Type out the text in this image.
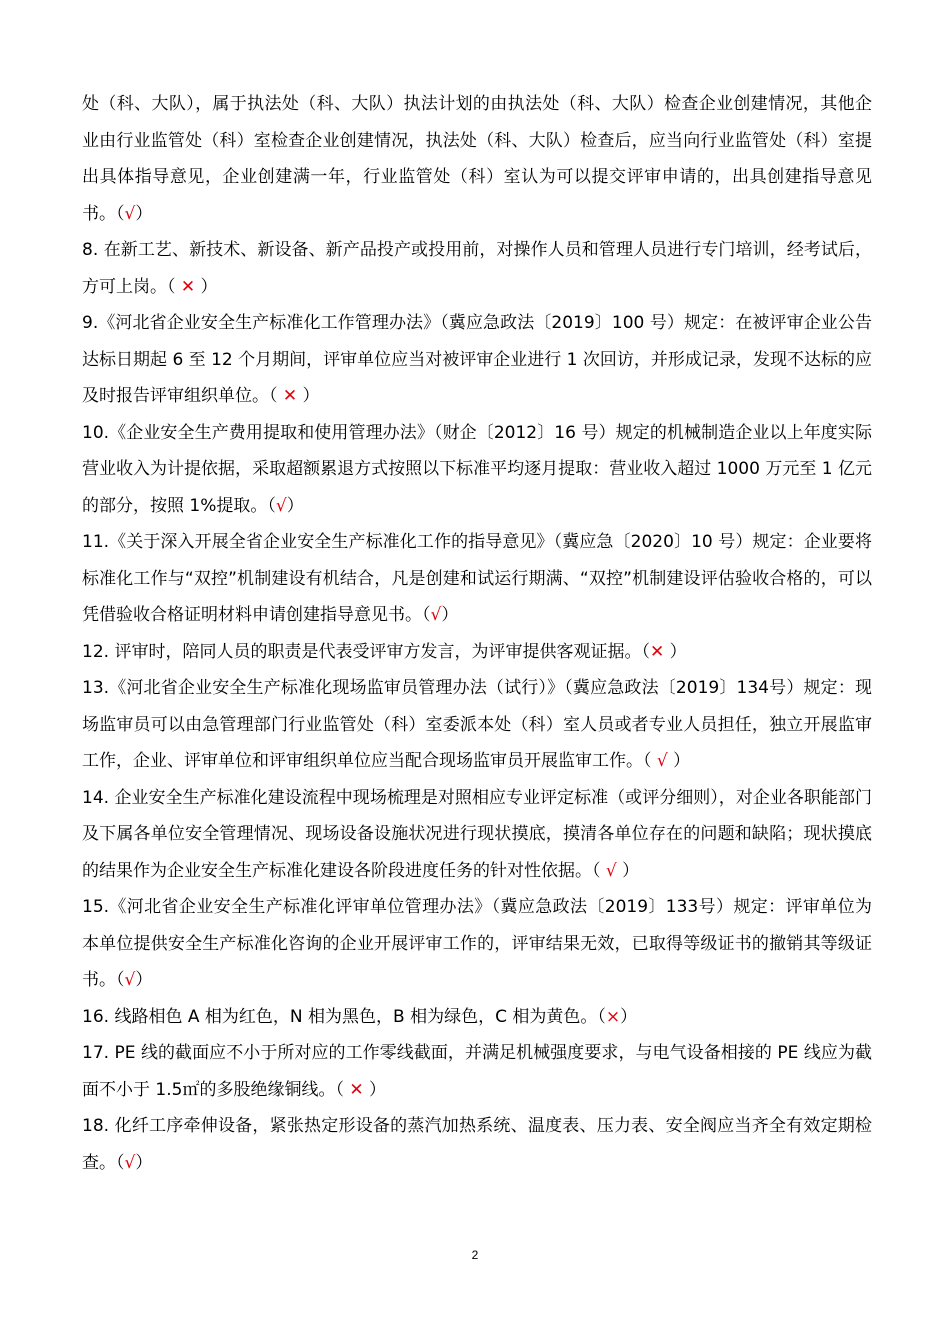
处（科、大队），属于执法处（科、大队）执法计划的由执法处（科、大队）检查企业创建情况，其他企业由行业监管处（科）室检查企业创建情况，执法处（科、大队）检查后，应当向行业监管处（科）室提出具体指导意见，企业创建满一年，行业监管处（科）室认为可以提交评审申请的，出具创建指导意见书。（√）

8. 在新工艺、新技术、新设备、新产品投产或投用前，对操作人员和管理人员进行专门培训，经考试后，方可上岗。（ ✕ ）

9.《河北省企业安全生产标准化工作管理办法》（冀应急政法〔2019〕100 号）规定：在被评审企业公告达标日期起 6 至 12 个月期间，评审单位应当对被评审企业进行 1 次回访，并形成记录，发现不达标的应及时报告评审组织单位。（ ✕ ）

10.《企业安全生产费用提取和使用管理办法》（财企〔2012〕16 号）规定的机械制造企业以上年度实际营业收入为计提依据，采取超额累退方式按照以下标准平均逐月提取：营业收入超过 1000 万元至 1 亿元的部分，按照 1%提取。（√）

11.《关于深入开展全省企业安全生产标准化工作的指导意见》（冀应急〔2020〕10 号）规定：企业要将标准化工作与“双控”机制建设有机结合，凡是创建和试运行期满、“双控”机制建设评估验收合格的，可以凭借验收合格证明材料申请创建指导意见书。（√）

12. 评审时，陪同人员的职责是代表受评审方发言，为评审提供客观证据。（✕ ）

13.《河北省企业安全生产标准化现场监审员管理办法（试行）》（冀应急政法〔2019〕134号）规定：现场监审员可以由急管理部门行业监管处（科）室委派本处（科）室人员或者专业人员担任，独立开展监审工作，企业、评审单位和评审组织单位应当配合现场监审员开展监审工作。（ √ ）

14. 企业安全生产标准化建设流程中现场梳理是对照相应专业评定标准（或评分细则），对企业各职能部门及下属各单位安全管理情况、现场设备设施状况进行现状摸底，摸清各单位存在的问题和缺陷；现状摸底的结果作为企业安全生产标准化建设各阶段进度任务的针对性依据。（ √ ）

15.《河北省企业安全生产标准化评审单位管理办法》（冀应急政法〔2019〕133号）规定：评审单位为本单位提供安全生产标准化咨询的企业开展评审工作的，评审结果无效，已取得等级证书的撤销其等级证书。（√）

16. 线路相色 A 相为红色，N 相为黑色，B 相为绿色，C 相为黄色。（×）

17. PE 线的截面应不小于所对应的工作零线截面，并满足机械强度要求，与电气设备相接的 PE 线应为截面不小于 1.5㎡的多股绝缘铜线。（ ✕ ）

18. 化纤工序牵伸设备，紧张热定形设备的蒸汽加热系统、温度表、压力表、安全阀应当齐全有效定期检查。（√）

2
